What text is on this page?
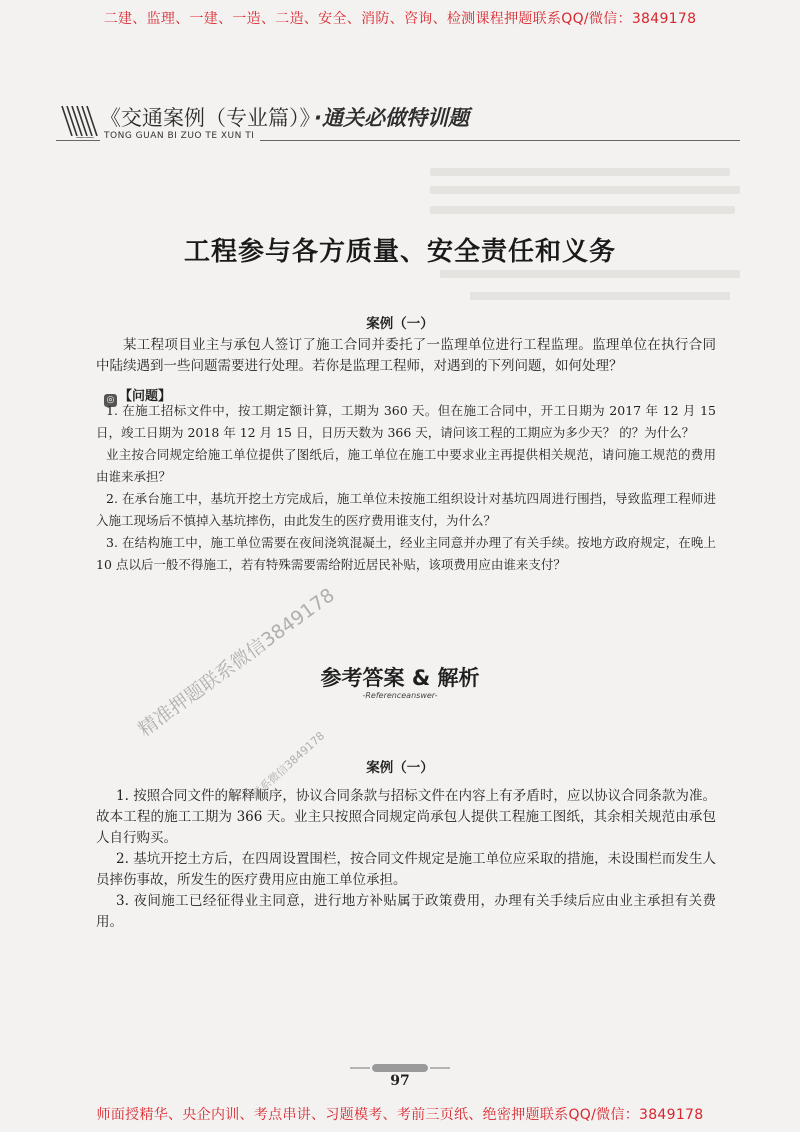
二建、监理、一建、一造、二造、安全、消防、咨询、检测课程押题联系QQ/微信：3849178
《交通案例（专业篇）》 ·通关必做特训题
——	TONG GUAN BI ZUO TE XUN TI
工程参与各方质量、安全责任和义务
案例（一）
某工程项目业主与承包人签订了施工合同并委托了一监理单位进行工程监理。监理单位在执行合同中陆续遇到一些问题需要进行处理。若你是监理工程师，对遇到的下列问题，如何处理？
◎ 【问题】
1. 在施工招标文件中，按工期定额计算，工期为 360 天。但在施工合同中，开工日期为 2017 年 12 月 15 日，竣工日期为 2018 年 12 月 15 日，日历天数为 366 天，请问该工程的工期应为多少天？ 的？为什么？
业主按合同规定给施工单位提供了图纸后，施工单位在施工中要求业主再提供相关规范，请问施工规范的费用由谁来承担？
2. 在承台施工中，基坑开挖土方完成后，施工单位未按施工组织设计对基坑四周进行围挡，导致监理工程师进入施工现场后不慎掉入基坑摔伤，由此发生的医疗费用谁支付，为什么？
3. 在结构施工中，施工单位需要在夜间浇筑混凝土，经业主同意并办理了有关手续。按地方政府规定，在晚上 10 点以后一般不得施工，若有特殊需要需给附近居民补贴，该项费用应由谁来支付？
参考答案 & 解析
-Referenceanswer-
案例（一）
1. 按照合同文件的解释顺序，协议合同条款与招标文件在内容上有矛盾时，应以协议合同条款为准。故本工程的施工工期为 366 天。业主只按照合同规定尚承包人提供工程施工图纸，其余相关规范由承包人自行购买。
2. 基坑开挖土方后，在四周设置围栏，按合同文件规定是施工单位应采取的措施，未设围栏而发生人员摔伤事故，所发生的医疗费用应由施工单位承担。
3. 夜间施工已经征得业主同意，进行地方补贴属于政策费用，办理有关手续后应由业主承担有关费用。
精准押题联系微信3849178
联系微信3849178
97
师面授精华、央企内训、考点串讲、习题模考、考前三页纸、绝密押题联系QQ/微信：3849178
